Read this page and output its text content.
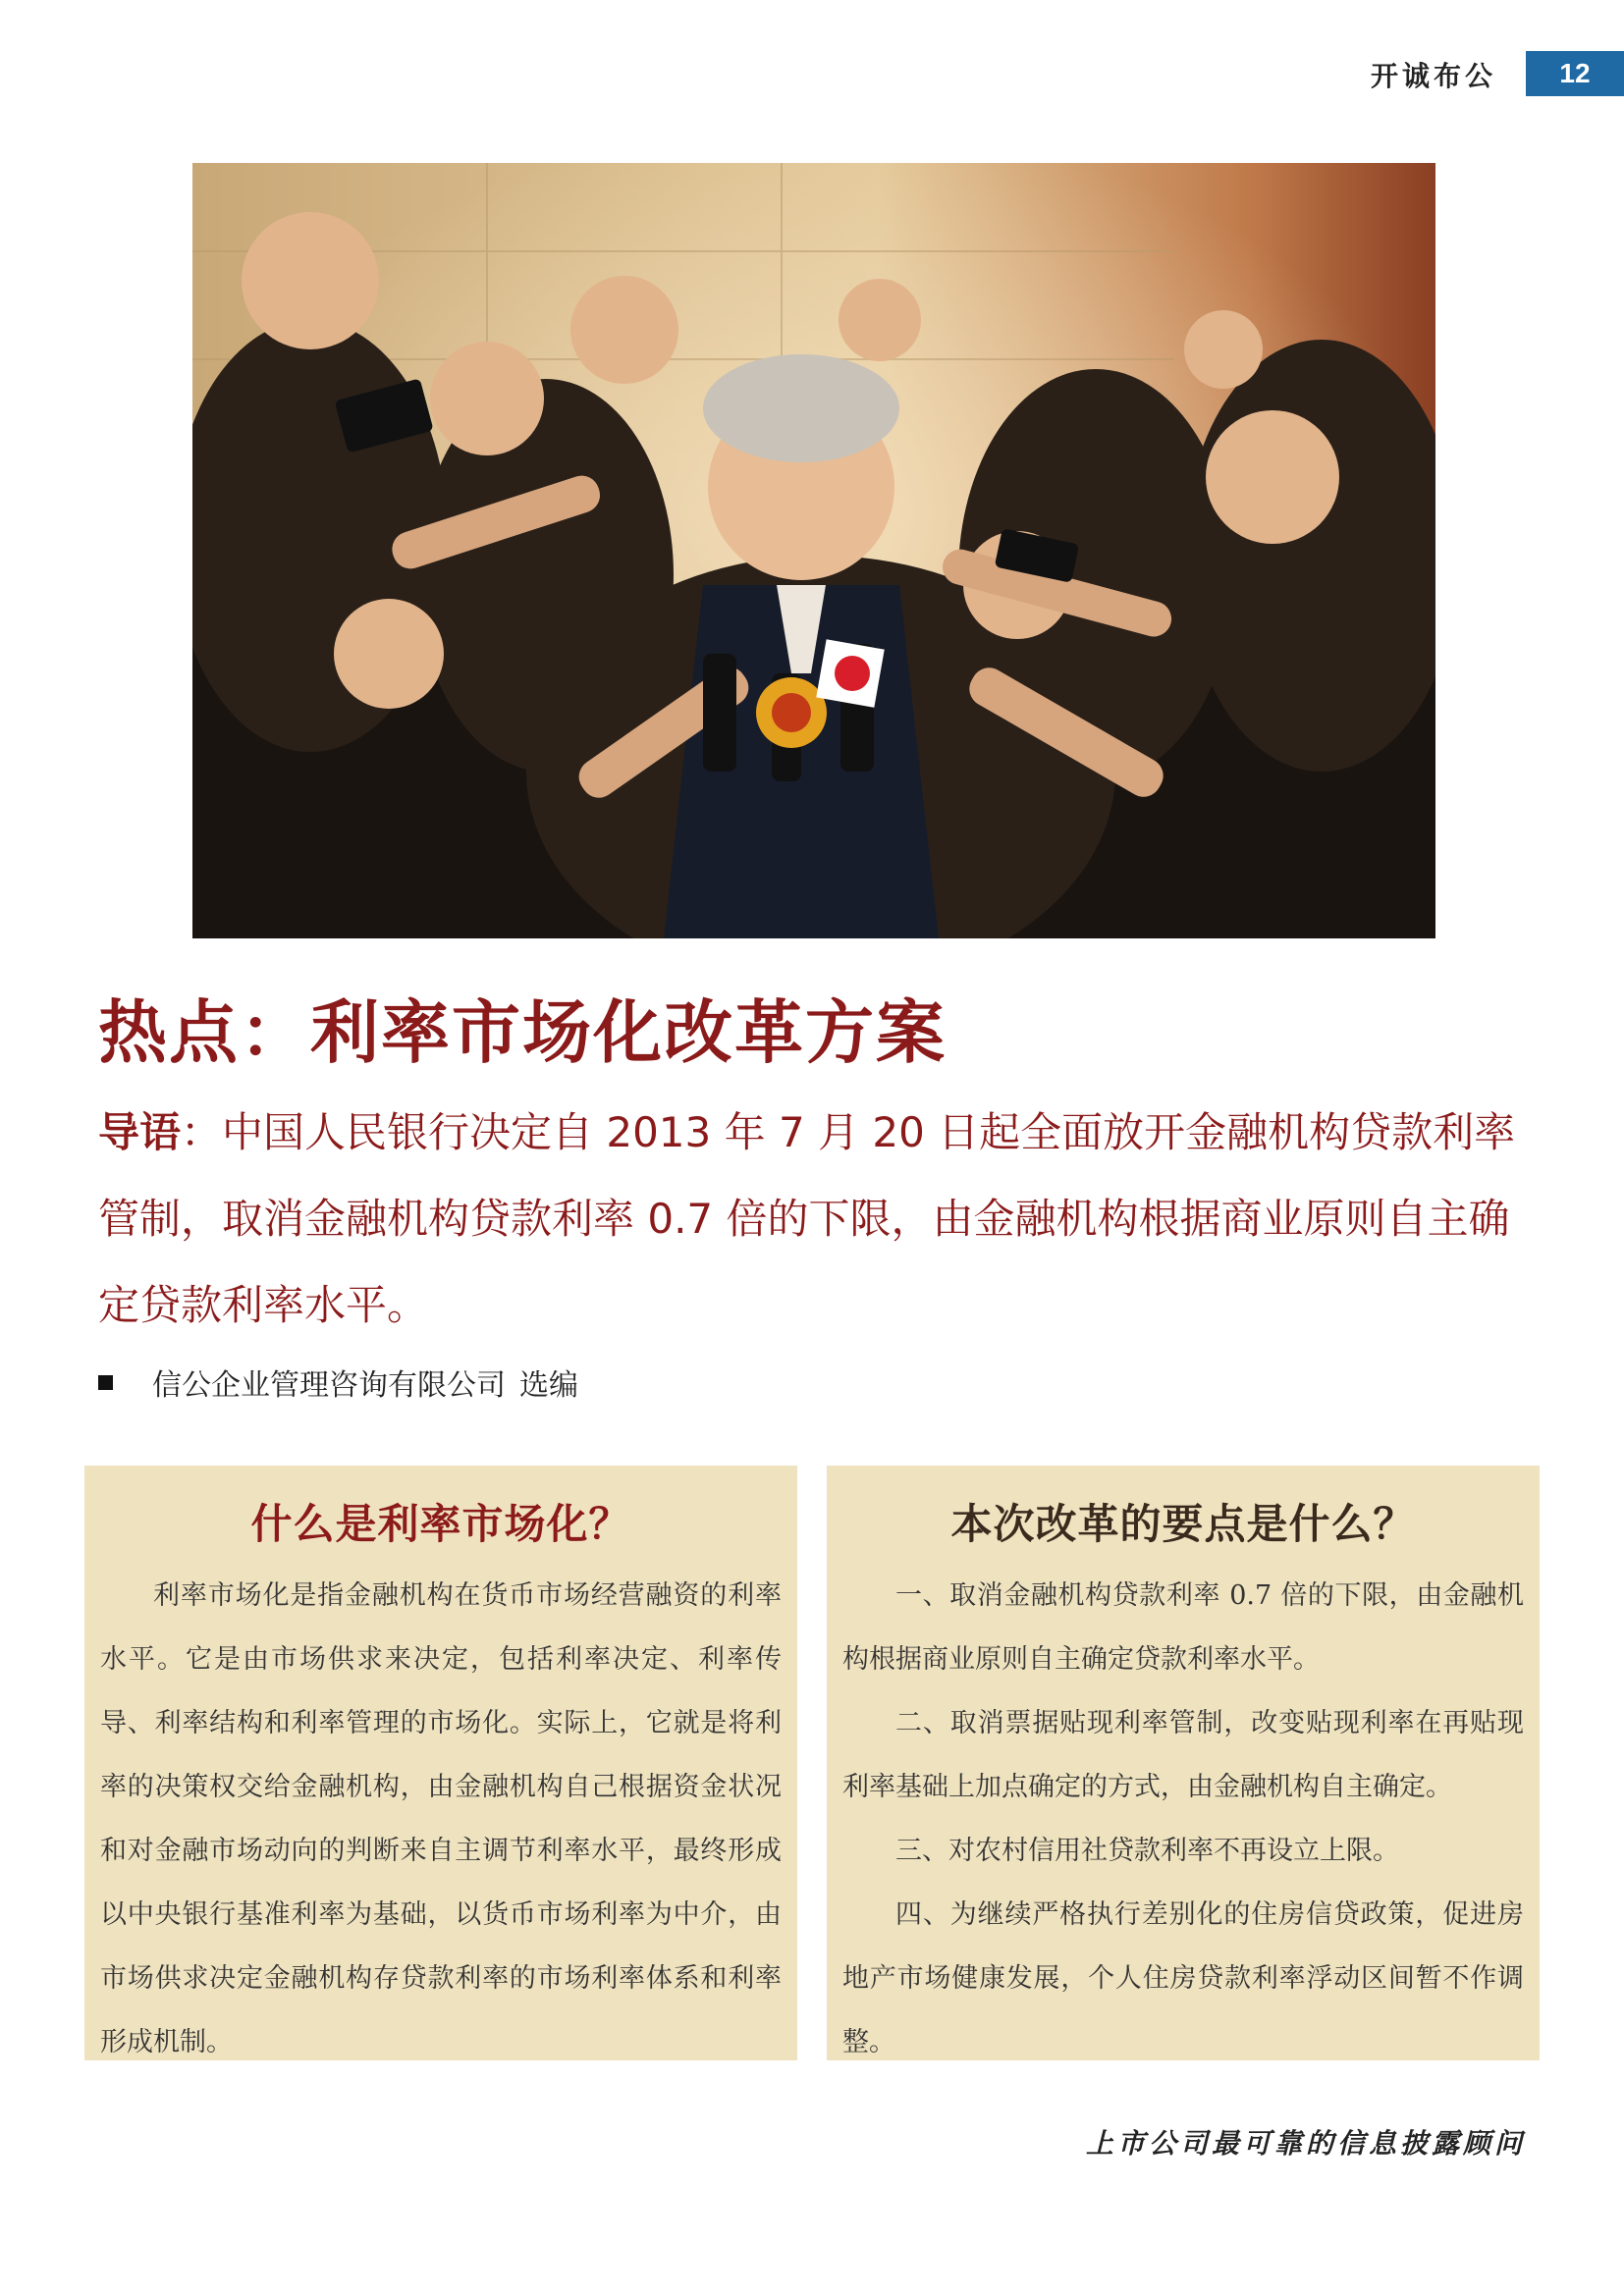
开诚布公	12
热点：利率市场化改革方案
导语：中国人民银行决定自 2013 年 7 月 20 日起全面放开金融机构贷款利率管制，取消金融机构贷款利率 0.7 倍的下限，由金融机构根据商业原则自主确定贷款利率水平。
信公企业管理咨询有限公司 选编
什么是利率市场化？

利率市场化是指金融机构在货币市场经营融资的利率水平。它是由市场供求来决定，包括利率决定、利率传导、利率结构和利率管理的市场化。实际上，它就是将利率的决策权交给金融机构，由金融机构自己根据资金状况和对金融市场动向的判断来自主调节利率水平，最终形成以中央银行基准利率为基础，以货币市场利率为中介，由市场供求决定金融机构存贷款利率的市场利率体系和利率形成机制。

本次改革的要点是什么？

一、取消金融机构贷款利率 0.7 倍的下限，由金融机构根据商业原则自主确定贷款利率水平。

二、取消票据贴现利率管制，改变贴现利率在再贴现利率基础上加点确定的方式，由金融机构自主确定。

三、对农村信用社贷款利率不再设立上限。

四、为继续严格执行差别化的住房信贷政策，促进房地产市场健康发展，个人住房贷款利率浮动区间暂不作调整。

上市公司最可靠的信息披露顾问
